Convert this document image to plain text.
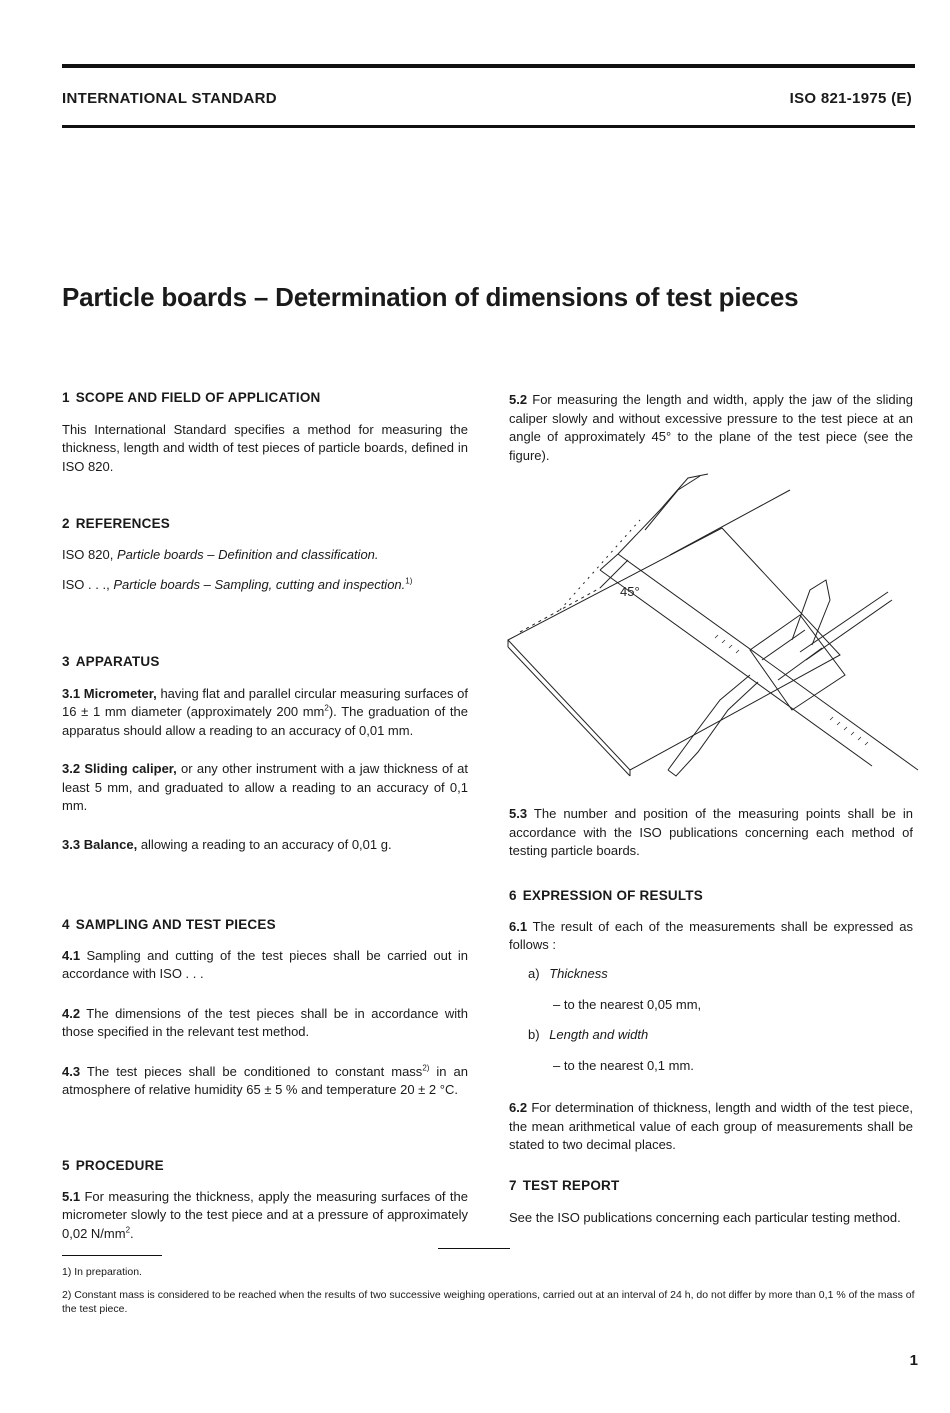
INTERNATIONAL STANDARD	ISO 821-1975 (E)
Particle boards – Determination of dimensions of test pieces
1 SCOPE AND FIELD OF APPLICATION

This International Standard specifies a method for measuring the thickness, length and width of test pieces of particle boards, defined in ISO 820.

2 REFERENCES

ISO 820, Particle boards – Definition and classification.

ISO . . ., Particle boards – Sampling, cutting and inspection.$^{1)}$

3 APPARATUS

3.1 Micrometer, having flat and parallel circular measuring surfaces of 16 ± 1 mm diameter (approximately 200 $mm^2$). The graduation of the apparatus should allow a reading to an accuracy of 0,01 mm.

3.2 Sliding caliper, or any other instrument with a jaw thickness of at least 5 mm, and graduated to allow a reading to an accuracy of 0,1 mm.

3.3 Balance, allowing a reading to an accuracy of 0,01 g.

4 SAMPLING AND TEST PIECES

4.1 Sampling and cutting of the test pieces shall be carried out in accordance with ISO . . .

4.2 The dimensions of the test pieces shall be in accordance with those specified in the relevant test method.

4.3 The test pieces shall be conditioned to constant mass$^{2)}$ in an atmosphere of relative humidity 65 ± 5 % and temperature 20 ± 2 °C.

5 PROCEDURE

5.1 For measuring the thickness, apply the measuring surfaces of the micrometer slowly to the test piece and at a pressure of approximately 0,02 $N/mm^2$.

5.2 For measuring the length and width, apply the jaw of the sliding caliper slowly and without excessive pressure to the test piece at an angle of approximately 45° to the plane of the test piece (see the figure).

45°

5.3 The number and position of the measuring points shall be in accordance with the ISO publications concerning each method of testing particle boards.

6 EXPRESSION OF RESULTS

6.1 The result of each of the measurements shall be expressed as follows :

a) Thickness
– to the nearest 0,05 mm,
b) Length and width
– to the nearest 0,1 mm.

6.2 For determination of thickness, length and width of the test piece, the mean arithmetical value of each group of measurements shall be stated to two decimal places.

7 TEST REPORT

See the ISO publications concerning each particular testing method.

1) In preparation.
2) Constant mass is considered to be reached when the results of two successive weighing operations, carried out at an interval of 24 h, do not differ by more than 0,1 % of the mass of the test piece.
1
